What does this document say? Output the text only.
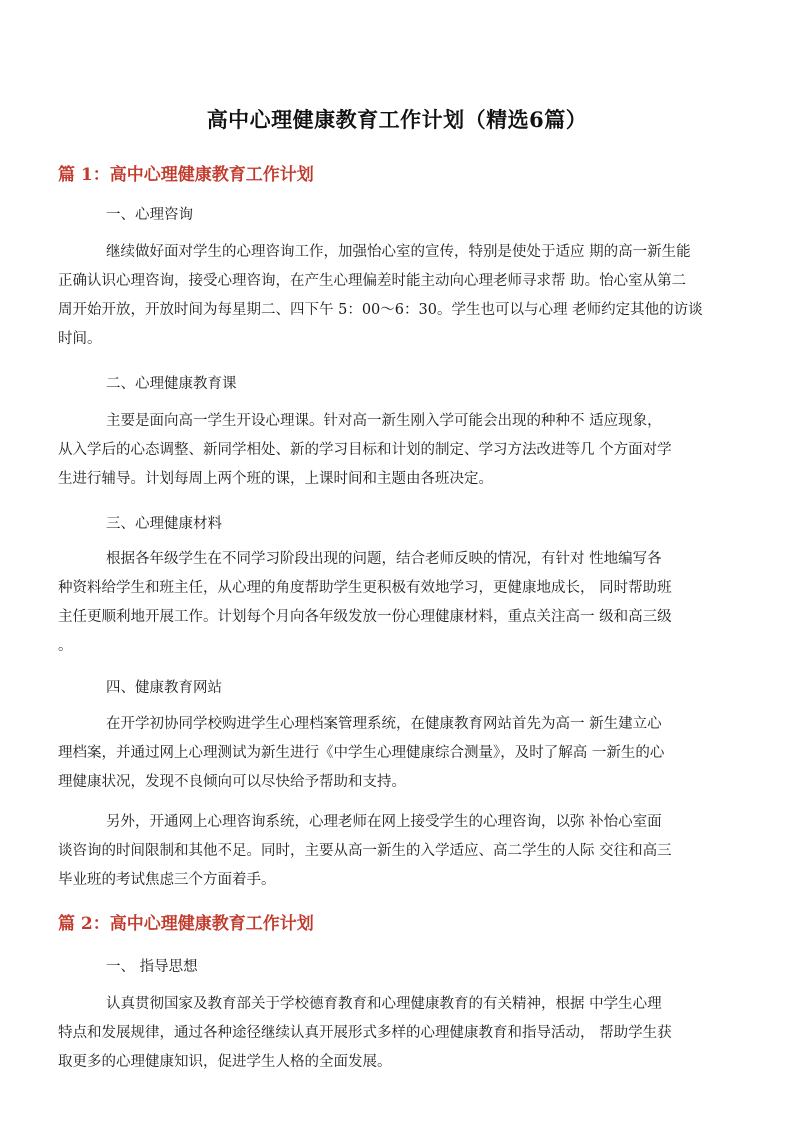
高中心理健康教育工作计划（精选6篇）
篇 1：高中心理健康教育工作计划
一、心理咨询
继续做好面对学生的心理咨询工作，加强怡心室的宣传，特别是使处于适应 期的高一新生能
正确认识心理咨询，接受心理咨询，在产生心理偏差时能主动向心理老师寻求帮 助。怡心室从第二
周开始开放，开放时间为每星期二、四下午 5：00～6：30。学生也可以与心理 老师约定其他的访谈
时间。
二、心理健康教育课
主要是面向高一学生开设心理课。针对高一新生刚入学可能会出现的种种不 适应现象，
从入学后的心态调整、新同学相处、新的学习目标和计划的制定、学习方法改进等几 个方面对学
生进行辅导。计划每周上两个班的课，上课时间和主题由各班决定。
三、心理健康材料
根据各年级学生在不同学习阶段出现的问题，结合老师反映的情况，有针对 性地编写各
种资料给学生和班主任，从心理的角度帮助学生更积极有效地学习，更健康地成长， 同时帮助班
主任更顺利地开展工作。计划每个月向各年级发放一份心理健康材料，重点关注高一 级和高三级
。
四、健康教育网站
在开学初协同学校购进学生心理档案管理系统，在健康教育网站首先为高一 新生建立心
理档案，并通过网上心理测试为新生进行《中学生心理健康综合测量》，及时了解高 一新生的心
理健康状况，发现不良倾向可以尽快给予帮助和支持。
另外，开通网上心理咨询系统，心理老师在网上接受学生的心理咨询，以弥 补怡心室面
谈咨询的时间限制和其他不足。同时，主要从高一新生的入学适应、高二学生的人际 交往和高三
毕业班的考试焦虑三个方面着手。
篇 2：高中心理健康教育工作计划
一、 指导思想
认真贯彻国家及教育部关于学校德育教育和心理健康教育的有关精神，根据 中学生心理
特点和发展规律，通过各种途径继续认真开展形式多样的心理健康教育和指导活动， 帮助学生获
取更多的心理健康知识，促进学生人格的全面发展。
